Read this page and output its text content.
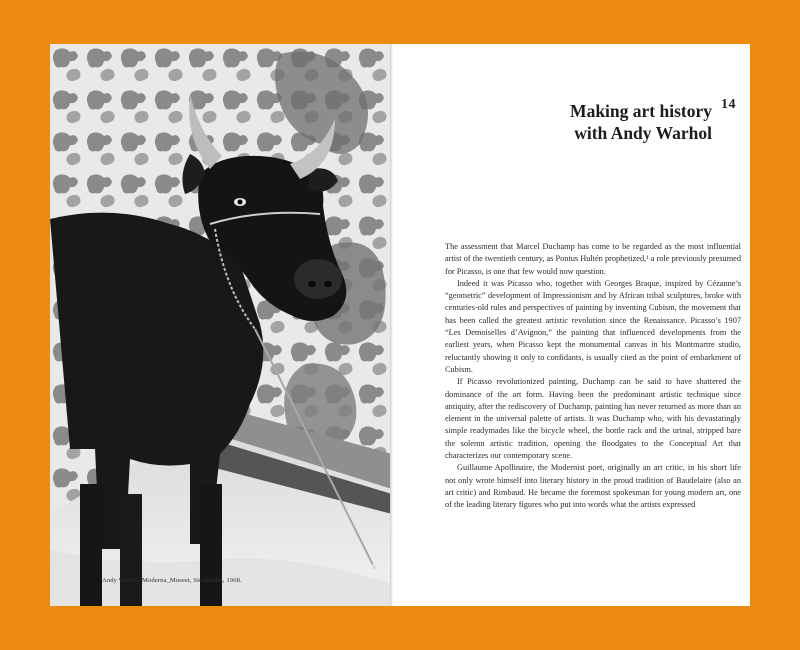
14
Making art history
with Andy Warhol

The assessment that Marcel Duchamp has come to be regarded as the most influential artist of the twentieth century, as Pontus Hultén prophetized,¹ a role previously presumed for Picasso, is one that few would now question.

Indeed it was Picasso who, together with Georges Braque, inspired by Cézanne’s “geometric” development of Impressionism and by African tribal sculptures, broke with centuries-old rules and perspectives of painting by inventing Cubism, the movement that has been called the greatest artistic revolution since the Renaissance. Picasso’s 1907 “Les Demoiselles d’Avignon,” the painting that influenced developments from the earliest years, when Picasso kept the monumental canvas in his Montmartre studio, reluctantly showing it only to confidants, is usually cited as the point of embarkment of Cubism.

If Picasso revolutionized painting, Duchamp can be said to have shattered the dominance of the art form. Having been the predominant artistic technique since antiquity, after the rediscovery of Duchamp, painting has never returned as more than an element in the universal palette of artists. It was Duchamp who, with his devastatingly simple readymades like the bicycle wheel, the bottle rack and the urinal, stripped bare the solemn artistic tradition, opening the floodgates to the Conceptual Art that characterizes our contemporary scene.

Guillaume Apollinaire, the Modernist poet, originally an art critic, in his short life not only wrote himself into literary history in the proud tradition of Baudelaire (also an art critic) and Rimbaud. He became the foremost spokesman for young modern art, one of the leading literary figures who put into words what the artists expressed

Andy Warhol, Moderna_Museet, Stockholm, 1968.
